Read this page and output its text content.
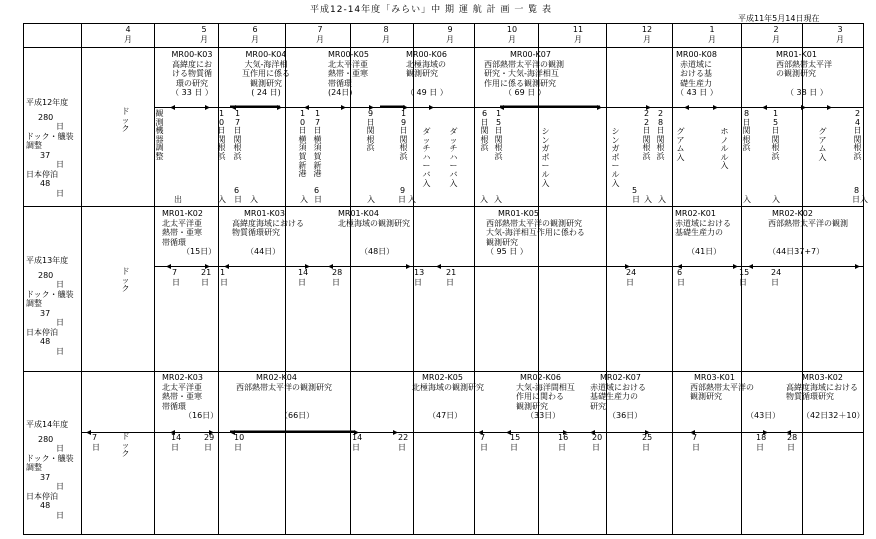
平成12-14年度「みらい」中 期 運 航 計 画 一 覧 表
平成11年5月14日現在
4
月
5
月
6
月
7
月
8
月
9
月
10
月
11
月
12
月
1
月
2
月
3
月
平成12年度
280
日
ドック・艤装
調整
37
日
日本停泊
48
日
平成13年度
280
日
ドック・艤装
調整
37
日
日本停泊
48
日
平成14年度
280
日
ドック・艤装
調整
37
日
日本停泊
48
日
MR00-K03
高緯度にお
ける物質循
環の研究
（ 33 日 ）
MR00-K04
大気-海洋相
互作用に係る
観測研究
( 24 日)
MR00-K05
北太平洋亜
熱帯・亜寒
帯循環
(24日)
MR00-K06
北極海域の
観測研究
（ 49 日 ）
MR00-K07
西部熱帯太平洋の観測
研究・大気-海洋相互
作用に係る観測研究
（ 69 日 ）
MR00-K08
赤道域に
おける基
礎生産力
（ 43 日 ）
MR01-K01
西部熱帯太平洋
の観測研究
（ 38 日 ）
ドック
観測機器調整
出
10日関根浜
17日関根浜
入
6
日 入
10日横須賀新港
17日横須賀新港
6
日
入
9日関根浜
入
19日関根浜
9
日 入
ダッチハーバ入
ダッチハーバ入
6日関根浜
入
15日関根浜
入
シンガポール入
シンガポール入
22日関根浜
5
日 入
28日関根浜
入
グアム入
ホノルル入
8日関根浜
入
15日関根浜
入
グアム入
24日関根浜
8
日 入
MR01-K02
北太平洋亜
熱帯・亜寒
帯循環
（15日）
MR01-K03
高緯度海域における
物質循環研究
（44日）
MR01-K04
北極海域の観測研究
（48日）
MR01-K05
西部熱帯太平洋の観測研究
大気-海洋相互作用に係わる
観測研究
（ 95 日 ）
MR02-K01
赤道域における
基礎生産力の
（41日）
MR02-K02
西部熱帯太平洋の観測
（44日37+7）
ドック
7
日
21
日
1
日
14
日
28
日
13
日
21
日
24
日
6
日
15
日
24
日
MR02-K03
北太平洋亜
熱帯・亜寒
帯循環
（16日）
MR02-K04
西部熱帯太平洋の観測研究
（66日）
MR02-K05
北極海域の観測研究
（47日）
MR02-K06
大気-海洋間相互
作用に関わる
観測研究
（33日）
MR02-K07
赤道域における
基礎生産力の
研究
（36日）
MR03-K01
西部熱帯太平洋の
観測研究
（43日）
MR03-K02
高緯度海域における
物質循環研究
（42日32＋10）
ドック
7
日
14
日
29
日
10
日
14
日
22
日
7
日
15
日
16
日
20
日
25
日
7
日
18
日
28
日
